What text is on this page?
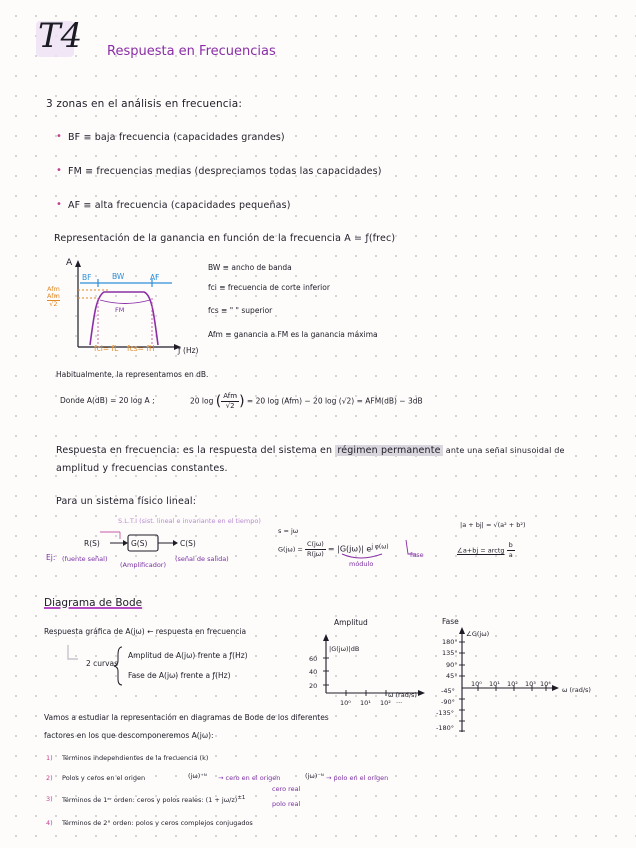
T4 Respuesta en Frecuencias
3 zonas en el análisis en frecuencia:
• BF ≡ baja frecuencia (capacidades grandes)
• FM ≡ frecuencias medias (despreciamos todas las capacidades)
• AF ≡ alta frecuencia (capacidades pequeñas)
Representación de la ganancia en función de la frecuencia A = ƒ(frec)
A
BF	BW	AF
Afm
Afm
√2
FM
fci= fL fcs= fH	ƒ (Hz)
BW ≡ ancho de banda
fci ≡ frecuencia de corte inferior
fcs ≡ " " superior
Afm ≡ ganancia a FM es la ganancia máxima
Habitualmente, la representamos en dB.
Donde A(dB) = 20 log A ;	20 log ( $\frac{\text{Afm}}{√2}$ ) = 20 log (Afm) − 20 log (√2) = AFM(dB) − 3dB
Respuesta en frecuencia: es la respuesta del sistema en régimen permanente ante una señal sinusoidal de
amplitud y frecuencias constantes.
Para un sistema físico lineal:
S.L.T.I (sist. lineal e invariante en el tiempo)
R(S)	G(S)	C(S)
Ej: (fuente señal)
(Amplificador)
(señal de salida)
s = jω
$G(j\omega) = \frac{C(j\omega)}{R(j\omega)} = |G(j\omega)|$ $e^{j \varphi(\omega)}$
módulo
fase
|a + bj| = √(a² + b²)
∠a+bj = arctg $\frac{b}{a}$
Diagrama de Bode
Respuesta gráfica de A(jω) ← respuesta en frecuencia
2 curvas
Amplitud de A(jω) frente a ƒ(Hz)
Fase de A(jω) frente a ƒ(Hz)
Amplitud
|G(jω)|dB
60
40
20
10⁰ 10¹ 10² ...
ω (rad/s)
Fase
∠G(jω)
180°
135°
90°
45°
-45°
-90°
-135°
-180°
10⁰ 10¹ 10² 10³ 10⁴
ω (rad/s)
Vamos a estudiar la representación en diagramas de Bode de los diferentes
factores en los que descomponeremos A(jω):
1) Términos independientes de la frecuencia (k)
2) Polos y ceros en el origen	(jω)⁺ᴺ → cero en el origen	(jω)⁻ᴺ → polo en el origen
3) Términos de 1ᵉʳ orden: ceros y polos reales: $(1 + j\omega/z)^{\pm 1}$
cero real
polo real
4) Términos de 2° orden: polos y ceros complejos conjugados
